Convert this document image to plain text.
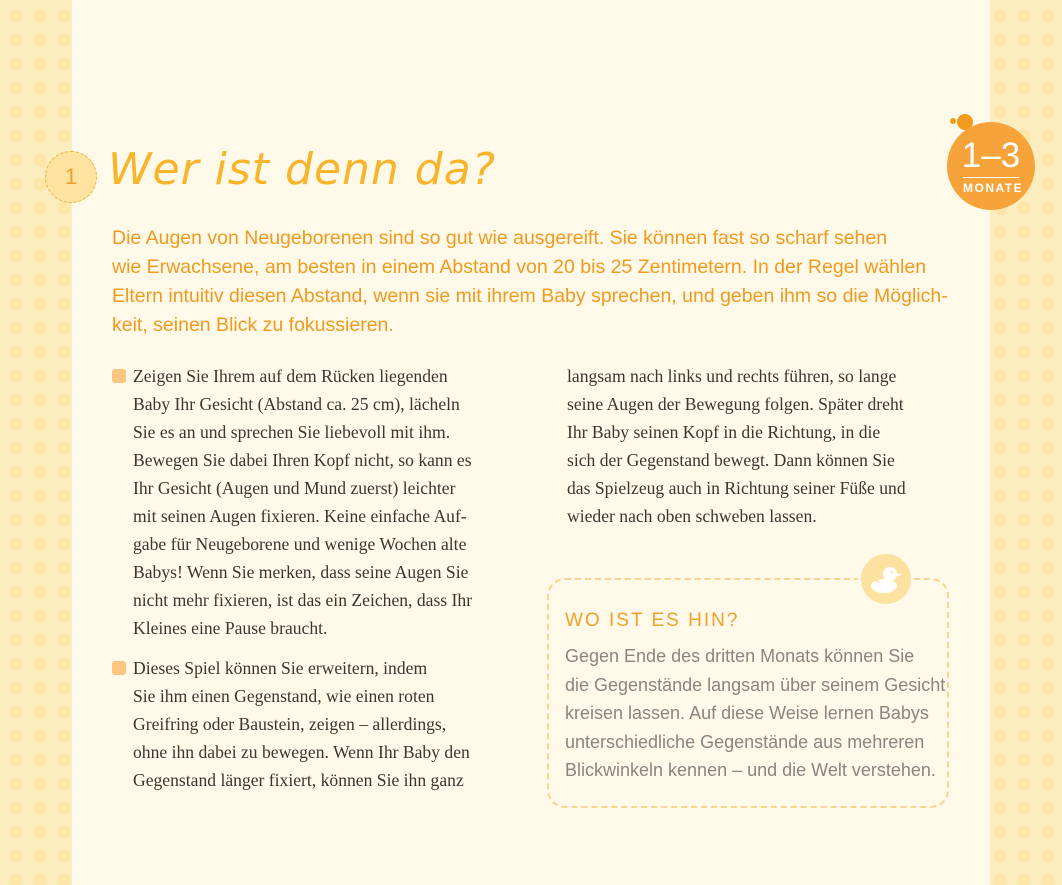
1 Wer ist denn da?	1–3
MONATE

Die Augen von Neugeborenen sind so gut wie ausgereift. Sie können fast so scharf sehen
wie Erwachsene, am besten in einem Abstand von 20 bis 25 Zentimetern. In der Regel wählen
Eltern intuitiv diesen Abstand, wenn sie mit ihrem Baby sprechen, und geben ihm so die Möglich-
keit, seinen Blick zu fokussieren.

Zeigen Sie Ihrem auf dem Rücken liegenden
Baby Ihr Gesicht (Abstand ca. 25 cm), lächeln
Sie es an und sprechen Sie liebevoll mit ihm.
Bewegen Sie dabei Ihren Kopf nicht, so kann es
Ihr Gesicht (Augen und Mund zuerst) leichter
mit seinen Augen fixieren. Keine einfache Auf-
gabe für Neugeborene und wenige Wochen alte
Babys! Wenn Sie merken, dass seine Augen Sie
nicht mehr fixieren, ist das ein Zeichen, dass Ihr
Kleines eine Pause braucht.
Dieses Spiel können Sie erweitern, indem
Sie ihm einen Gegenstand, wie einen roten
Greifring oder Baustein, zeigen – allerdings,
ohne ihn dabei zu bewegen. Wenn Ihr Baby den
Gegenstand länger fixiert, können Sie ihn ganz
langsam nach links und rechts führen, so lange
seine Augen der Bewegung folgen. Später dreht
Ihr Baby seinen Kopf in die Richtung, in die
sich der Gegenstand bewegt. Dann können Sie
das Spielzeug auch in Richtung seiner Füße und
wieder nach oben schweben lassen.
WO IST ES HIN?

Gegen Ende des dritten Monats können Sie
die Gegenstände langsam über seinem Gesicht
kreisen lassen. Auf diese Weise lernen Babys
unterschiedliche Gegenstände aus mehreren
Blickwinkeln kennen – und die Welt verstehen.
